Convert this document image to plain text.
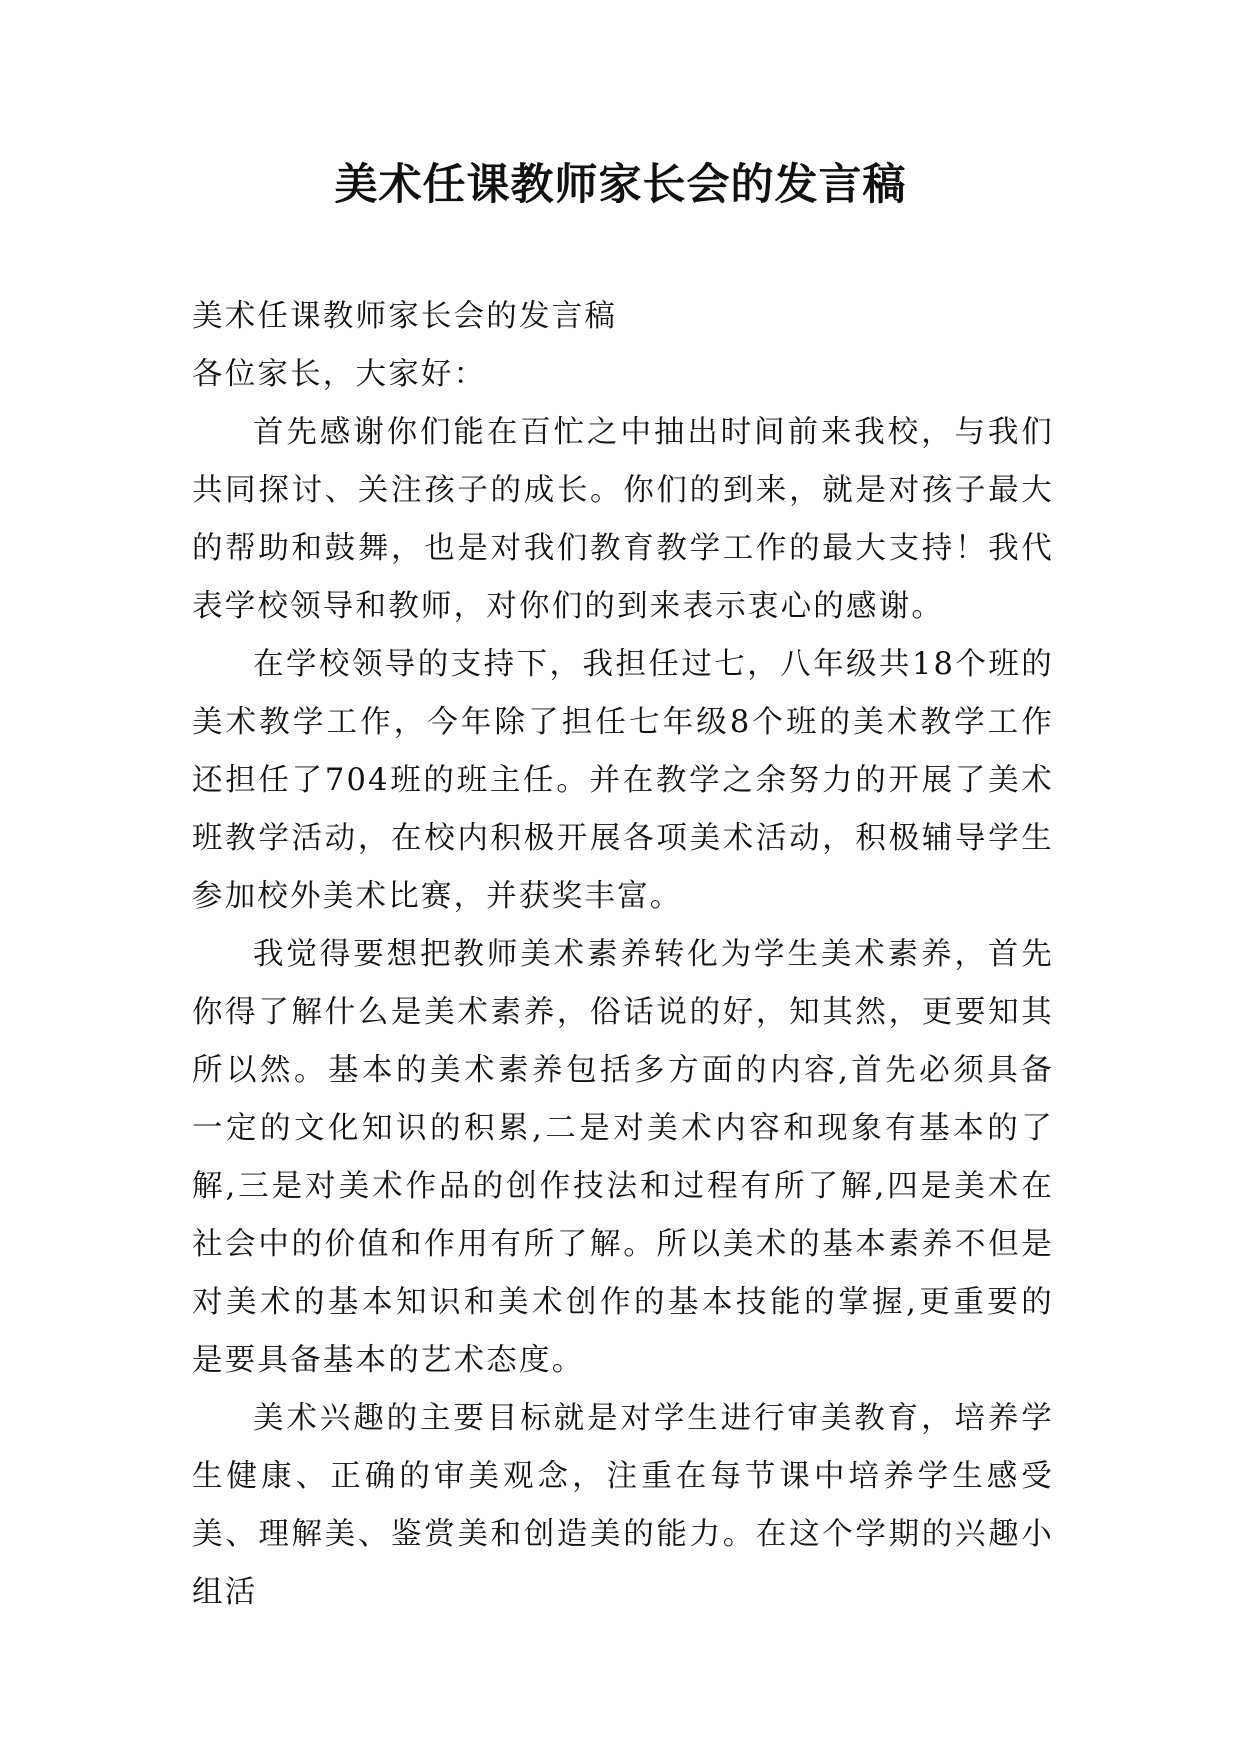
美术任课教师家长会的发言稿

美术任课教师家长会的发言稿

各位家长，大家好：

首先感谢你们能在百忙之中抽出时间前来我校，与我们共同探讨、关注孩子的成长。你们的到来，就是对孩子最大的帮助和鼓舞，也是对我们教育教学工作的最大支持！我代表学校领导和教师，对你们的到来表示衷心的感谢。

在学校领导的支持下，我担任过七，八年级共18个班的美术教学工作，今年除了担任七年级8个班的美术教学工作还担任了704班的班主任。并在教学之余努力的开展了美术班教学活动，在校内积极开展各项美术活动，积极辅导学生参加校外美术比赛，并获奖丰富。

我觉得要想把教师美术素养转化为学生美术素养，首先你得了解什么是美术素养，俗话说的好，知其然，更要知其所以然。基本的美术素养包括多方面的内容,首先必须具备一定的文化知识的积累,二是对美术内容和现象有基本的了解,三是对美术作品的创作技法和过程有所了解,四是美术在社会中的价值和作用有所了解。所以美术的基本素养不但是对美术的基本知识和美术创作的基本技能的掌握,更重要的是要具备基本的艺术态度。

美术兴趣的主要目标就是对学生进行审美教育，培养学生健康、正确的审美观念，注重在每节课中培养学生感受美、理解美、鉴赏美和创造美的能力。在这个学期的兴趣小组活
